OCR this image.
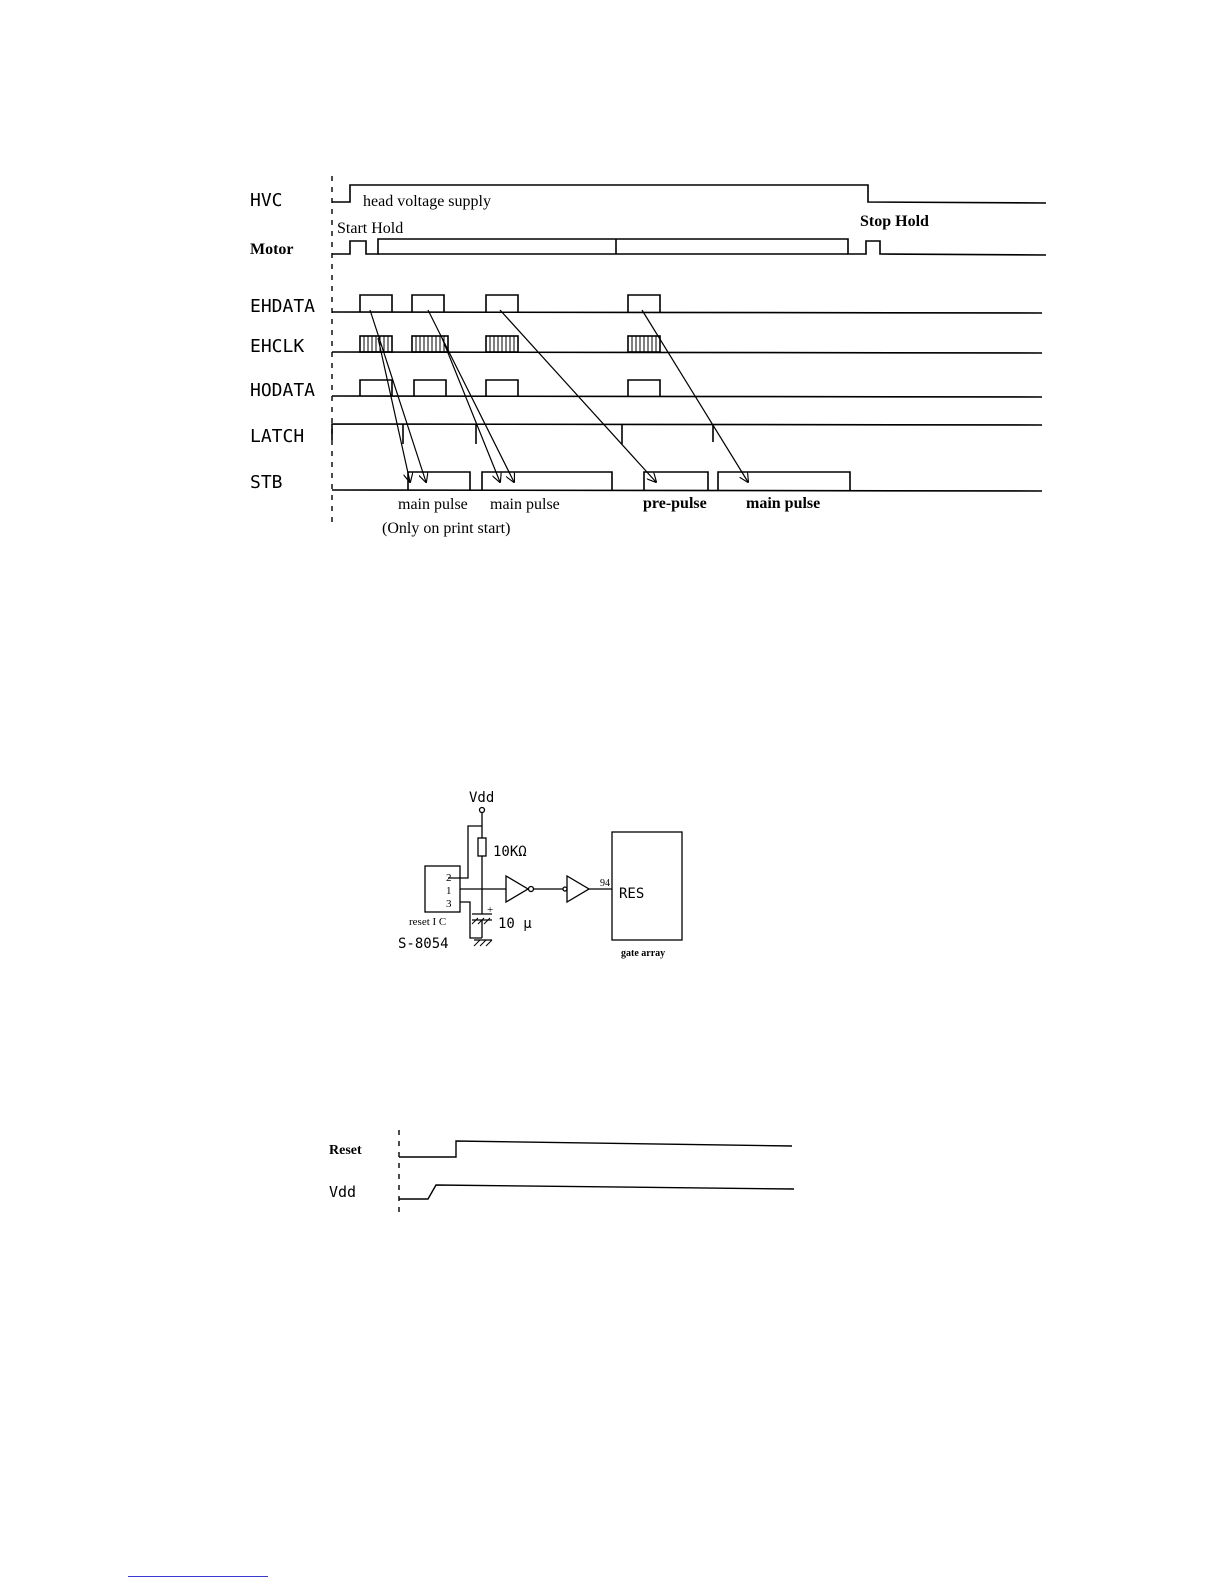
HVC
Motor
EHDATA
EHCLK
HODATA
LATCH
STB
head voltage supply
Start Hold	Stop Hold
main pulse main pulse	pre-pulse main pulse
(Only on print start)
Vdd
10KΩ
+
10 μ
2
1
3
reset I C
S-8054
94
RES
gate array
Reset
Vdd
